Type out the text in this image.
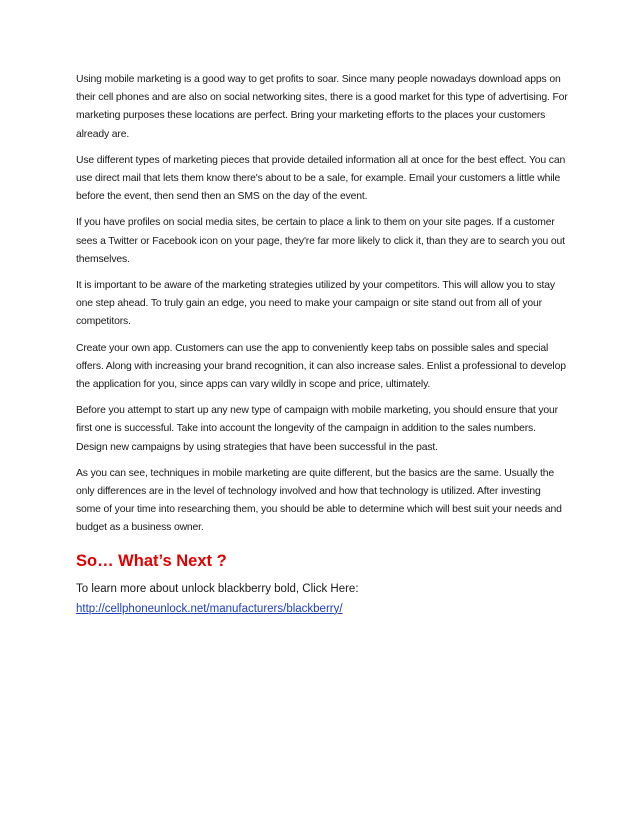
Using mobile marketing is a good way to get profits to soar. Since many people nowadays download apps on their cell phones and are also on social networking sites, there is a good market for this type of advertising. For marketing purposes these locations are perfect. Bring your marketing efforts to the places your customers already are.

Use different types of marketing pieces that provide detailed information all at once for the best effect. You can use direct mail that lets them know there's about to be a sale, for example. Email your customers a little while before the event, then send then an SMS on the day of the event.

If you have profiles on social media sites, be certain to place a link to them on your site pages. If a customer sees a Twitter or Facebook icon on your page, they're far more likely to click it, than they are to search you out themselves.

It is important to be aware of the marketing strategies utilized by your competitors. This will allow you to stay one step ahead. To truly gain an edge, you need to make your campaign or site stand out from all of your competitors.

Create your own app. Customers can use the app to conveniently keep tabs on possible sales and special offers. Along with increasing your brand recognition, it can also increase sales. Enlist a professional to develop the application for you, since apps can vary wildly in scope and price, ultimately.

Before you attempt to start up any new type of campaign with mobile marketing, you should ensure that your first one is successful. Take into account the longevity of the campaign in addition to the sales numbers. Design new campaigns by using strategies that have been successful in the past.

As you can see, techniques in mobile marketing are quite different, but the basics are the same. Usually the only differences are in the level of technology involved and how that technology is utilized. After investing some of your time into researching them, you should be able to determine which will best suit your needs and budget as a business owner.

So… What’s Next ?

To learn more about unlock blackberry bold, Click Here:

http://cellphoneunlock.net/manufacturers/blackberry/
